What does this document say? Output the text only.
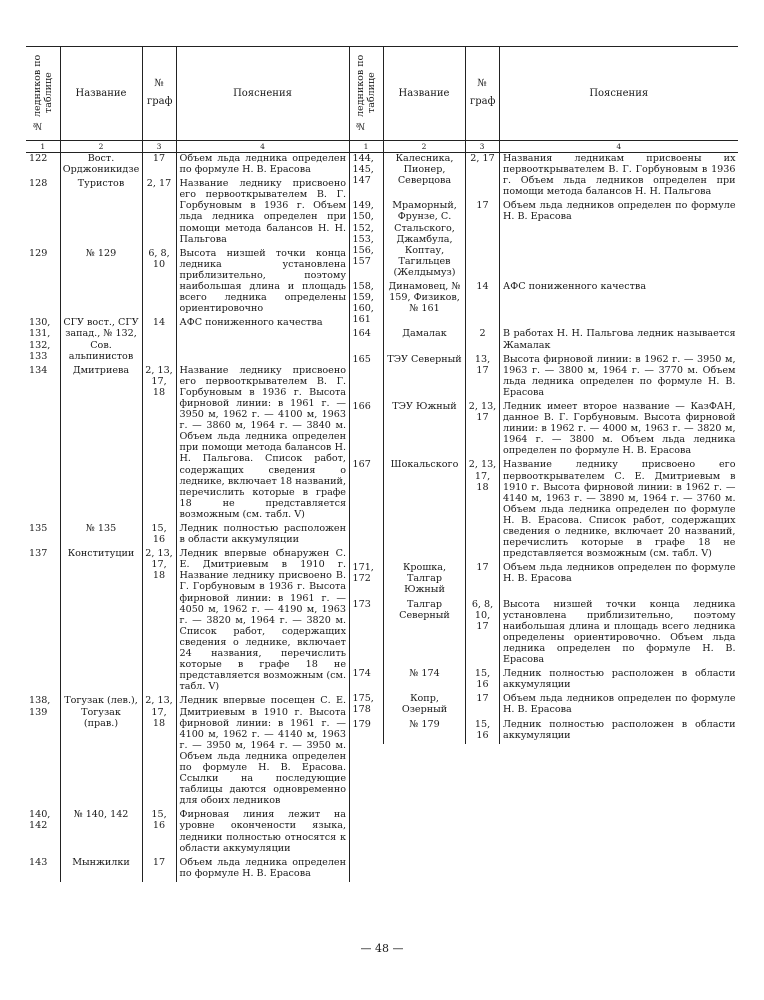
№ ледников по таблице	Название	№ граф	Пояснения	№ ледников по таблице	Название	№ граф	Пояснения
1	2	3	4	1	2	3	4

122	Вост. Орджоникидзе	17	Объем льда ледника определен по формуле Н. В. Ерасова
128	Туристов	2, 17	Название леднику присвоено его первооткрывателем В. Г. Горбуновым в 1936 г. Объем льда ледника определен при помощи метода балансов Н. Н. Пальгова
129	№ 129	6, 8, 10	Высота низшей точки конца ледника установлена приблизительно, поэтому наибольшая длина и площадь всего ледника определены ориентировочно
130, 131, 132, 133	СГУ вост., СГУ запад., № 132, Сов. альпинистов	14	АФС пониженного качества
134	Дмитриева	2, 13, 17, 18	Название леднику присвоено его первооткрывателем В. Г. Горбуновым в 1936 г. Высота фирновой линии: в 1961 г. — 3950 м, 1962 г. — 4100 м, 1963 г. — 3860 м, 1964 г. — 3840 м. Объем льда ледника определен при помощи метода балансов Н. Н. Пальгова. Список работ, содержащих сведения о леднике, включает 18 названий, перечислить которые в графе 18 не представляется возможным (см. табл. V)
135	№ 135	15, 16	Ледник полностью расположен в области аккумуляции
137	Конституции	2, 13, 17, 18	Ледник впервые обнаружен С. Е. Дмитриевым в 1910 г. Название леднику присвоено В. Г. Горбуновым в 1936 г. Высота фирновой линии: в 1961 г. — 4050 м, 1962 г. — 4190 м, 1963 г. — 3820 м, 1964 г. — 3820 м. Список работ, содержащих сведения о леднике, включает 24 названия, перечислить которые в графе 18 не представляется возможным (см. табл. V)
138, 139	Тогузак (лев.), Тогузак (прав.)	2, 13, 17, 18	Ледник впервые посещен С. Е. Дмитриевым в 1910 г. Высота фирновой линии: в 1961 г. — 4100 м, 1962 г. — 4140 м, 1963 г. — 3950 м, 1964 г. — 3950 м. Объем льда ледника определен по формуле Н. В. Ерасова. Ссылки на последующие таблицы даются одновременно для обоих ледников
140, 142	№ 140, 142	15, 16	Фирновая линия лежит на уровне окончености языка, ледники полностью относятся к области аккумуляции
143	Мынжилки	17	Объем льда ледника определен по формуле Н. В. Ерасова

144, 145, 147	Калесника, Пионер, Северцова	2, 17	Названия ледникам присвоены их первооткрывателем В. Г. Горбуновым в 1936 г. Объем льда ледников определен при помощи метода балансов Н. Н. Пальгова
149, 150, 152, 153, 156, 157	Мраморный, Фрунзе, С. Стальского, Джамбула, Коптау, Тагильцев (Желдымуз)	17	Объем льда ледников определен по формуле Н. В. Ерасова
158, 159, 160, 161	Динамовец, № 159, Физиков, № 161	14	АФС пониженного качества
164	Дамалак	2	В работах Н. Н. Пальгова ледник называется Жамалак
165	ТЭУ Северный	13, 17	Высота фирновой линии: в 1962 г. — 3950 м, 1963 г. — 3800 м, 1964 г. — 3770 м. Объем льда ледника определен по формуле Н. В. Ерасова
166	ТЭУ Южный	2, 13, 17	Ледник имеет второе название — КазФАН, данное В. Г. Горбуновым. Высота фирновой линии: в 1962 г. — 4000 м, 1963 г. — 3820 м, 1964 г. — 3800 м. Объем льда ледника определен по формуле Н. В. Ерасова
167	Шокальского	2, 13, 17, 18	Название леднику присвоено его первооткрывателем С. Е. Дмитриевым в 1910 г. Высота фирновой линии: в 1962 г. — 4140 м, 1963 г. — 3890 м, 1964 г. — 3760 м. Объем льда ледника определен по формуле Н. В. Ерасова. Список работ, содержащих сведения о леднике, включает 20 названий, перечислить которые в графе 18 не представляется возможным (см. табл. V)
171, 172	Крошка, Талгар Южный	17	Объем льда ледников определен по формуле Н. В. Ерасова
173	Талгар Северный	6, 8, 10, 17	Высота низшей точки конца ледника установлена приблизительно, поэтому наибольшая длина и площадь всего ледника определены ориентировочно. Объем льда ледника определен по формуле Н. В. Ерасова
174	№ 174	15, 16	Ледник полностью расположен в области аккумуляции
175, 178	Копр, Озерный	17	Объем льда ледников определен по формуле Н. В. Ерасова
179	№ 179	15, 16	Ледник полностью расположен в области аккумуляции
— 48 —
